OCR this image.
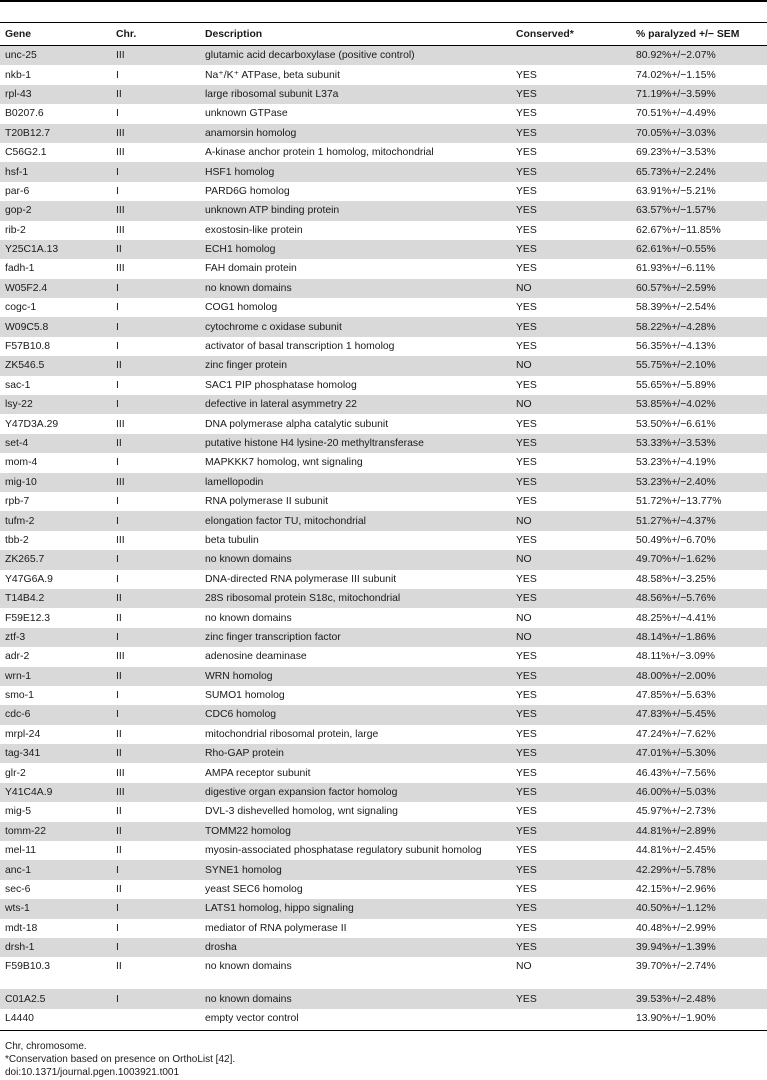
Gene	Chr.	Description	Conserved*	% paralyzed +/− SEM
unc-25	III	glutamic acid decarboxylase (positive control)		80.92%+/−2.07%
nkb-1	I	Na⁺/K⁺ ATPase, beta subunit	YES	74.02%+/−1.15%
rpl-43	II	large ribosomal subunit L37a	YES	71.19%+/−3.59%
B0207.6	I	unknown GTPase	YES	70.51%+/−4.49%
T20B12.7	III	anamorsin homolog	YES	70.05%+/−3.03%
C56G2.1	III	A-kinase anchor protein 1 homolog, mitochondrial	YES	69.23%+/−3.53%
hsf-1	I	HSF1 homolog	YES	65.73%+/−2.24%
par-6	I	PARD6G homolog	YES	63.91%+/−5.21%
gop-2	III	unknown ATP binding protein	YES	63.57%+/−1.57%
rib-2	III	exostosin-like protein	YES	62.67%+/−11.85%
Y25C1A.13	II	ECH1 homolog	YES	62.61%+/−0.55%
fadh-1	III	FAH domain protein	YES	61.93%+/−6.11%
W05F2.4	I	no known domains	NO	60.57%+/−2.59%
cogc-1	I	COG1 homolog	YES	58.39%+/−2.54%
W09C5.8	I	cytochrome c oxidase subunit	YES	58.22%+/−4.28%
F57B10.8	I	activator of basal transcription 1 homolog	YES	56.35%+/−4.13%
ZK546.5	II	zinc finger protein	NO	55.75%+/−2.10%
sac-1	I	SAC1 PIP phosphatase homolog	YES	55.65%+/−5.89%
lsy-22	I	defective in lateral asymmetry 22	NO	53.85%+/−4.02%
Y47D3A.29	III	DNA polymerase alpha catalytic subunit	YES	53.50%+/−6.61%
set-4	II	putative histone H4 lysine-20 methyltransferase	YES	53.33%+/−3.53%
mom-4	I	MAPKKK7 homolog, wnt signaling	YES	53.23%+/−4.19%
mig-10	III	lamellopodin	YES	53.23%+/−2.40%
rpb-7	I	RNA polymerase II subunit	YES	51.72%+/−13.77%
tufm-2	I	elongation factor TU, mitochondrial	NO	51.27%+/−4.37%
tbb-2	III	beta tubulin	YES	50.49%+/−6.70%
ZK265.7	I	no known domains	NO	49.70%+/−1.62%
Y47G6A.9	I	DNA-directed RNA polymerase III subunit	YES	48.58%+/−3.25%
T14B4.2	II	28S ribosomal protein S18c, mitochondrial	YES	48.56%+/−5.76%
F59E12.3	II	no known domains	NO	48.25%+/−4.41%
ztf-3	I	zinc finger transcription factor	NO	48.14%+/−1.86%
adr-2	III	adenosine deaminase	YES	48.11%+/−3.09%
wrn-1	II	WRN homolog	YES	48.00%+/−2.00%
smo-1	I	SUMO1 homolog	YES	47.85%+/−5.63%
cdc-6	I	CDC6 homolog	YES	47.83%+/−5.45%
mrpl-24	II	mitochondrial ribosomal protein, large	YES	47.24%+/−7.62%
tag-341	II	Rho-GAP protein	YES	47.01%+/−5.30%
glr-2	III	AMPA receptor subunit	YES	46.43%+/−7.56%
Y41C4A.9	III	digestive organ expansion factor homolog	YES	46.00%+/−5.03%
mig-5	II	DVL-3 dishevelled homolog, wnt signaling	YES	45.97%+/−2.73%
tomm-22	II	TOMM22 homolog	YES	44.81%+/−2.89%
mel-11	II	myosin-associated phosphatase regulatory subunit homolog	YES	44.81%+/−2.45%
anc-1	I	SYNE1 homolog	YES	42.29%+/−5.78%
sec-6	II	yeast SEC6 homolog	YES	42.15%+/−2.96%
wts-1	I	LATS1 homolog, hippo signaling	YES	40.50%+/−1.12%
mdt-18	I	mediator of RNA polymerase II	YES	40.48%+/−2.99%
drsh-1	I	drosha	YES	39.94%+/−1.39%
F59B10.3	II	no known domains	NO	39.70%+/−2.74%
C01A2.5	I	no known domains	YES	39.53%+/−2.48%
L4440		empty vector control		13.90%+/−1.90%
Chr, chromosome.
*Conservation based on presence on OrthoList [42].
doi:10.1371/journal.pgen.1003921.t001
